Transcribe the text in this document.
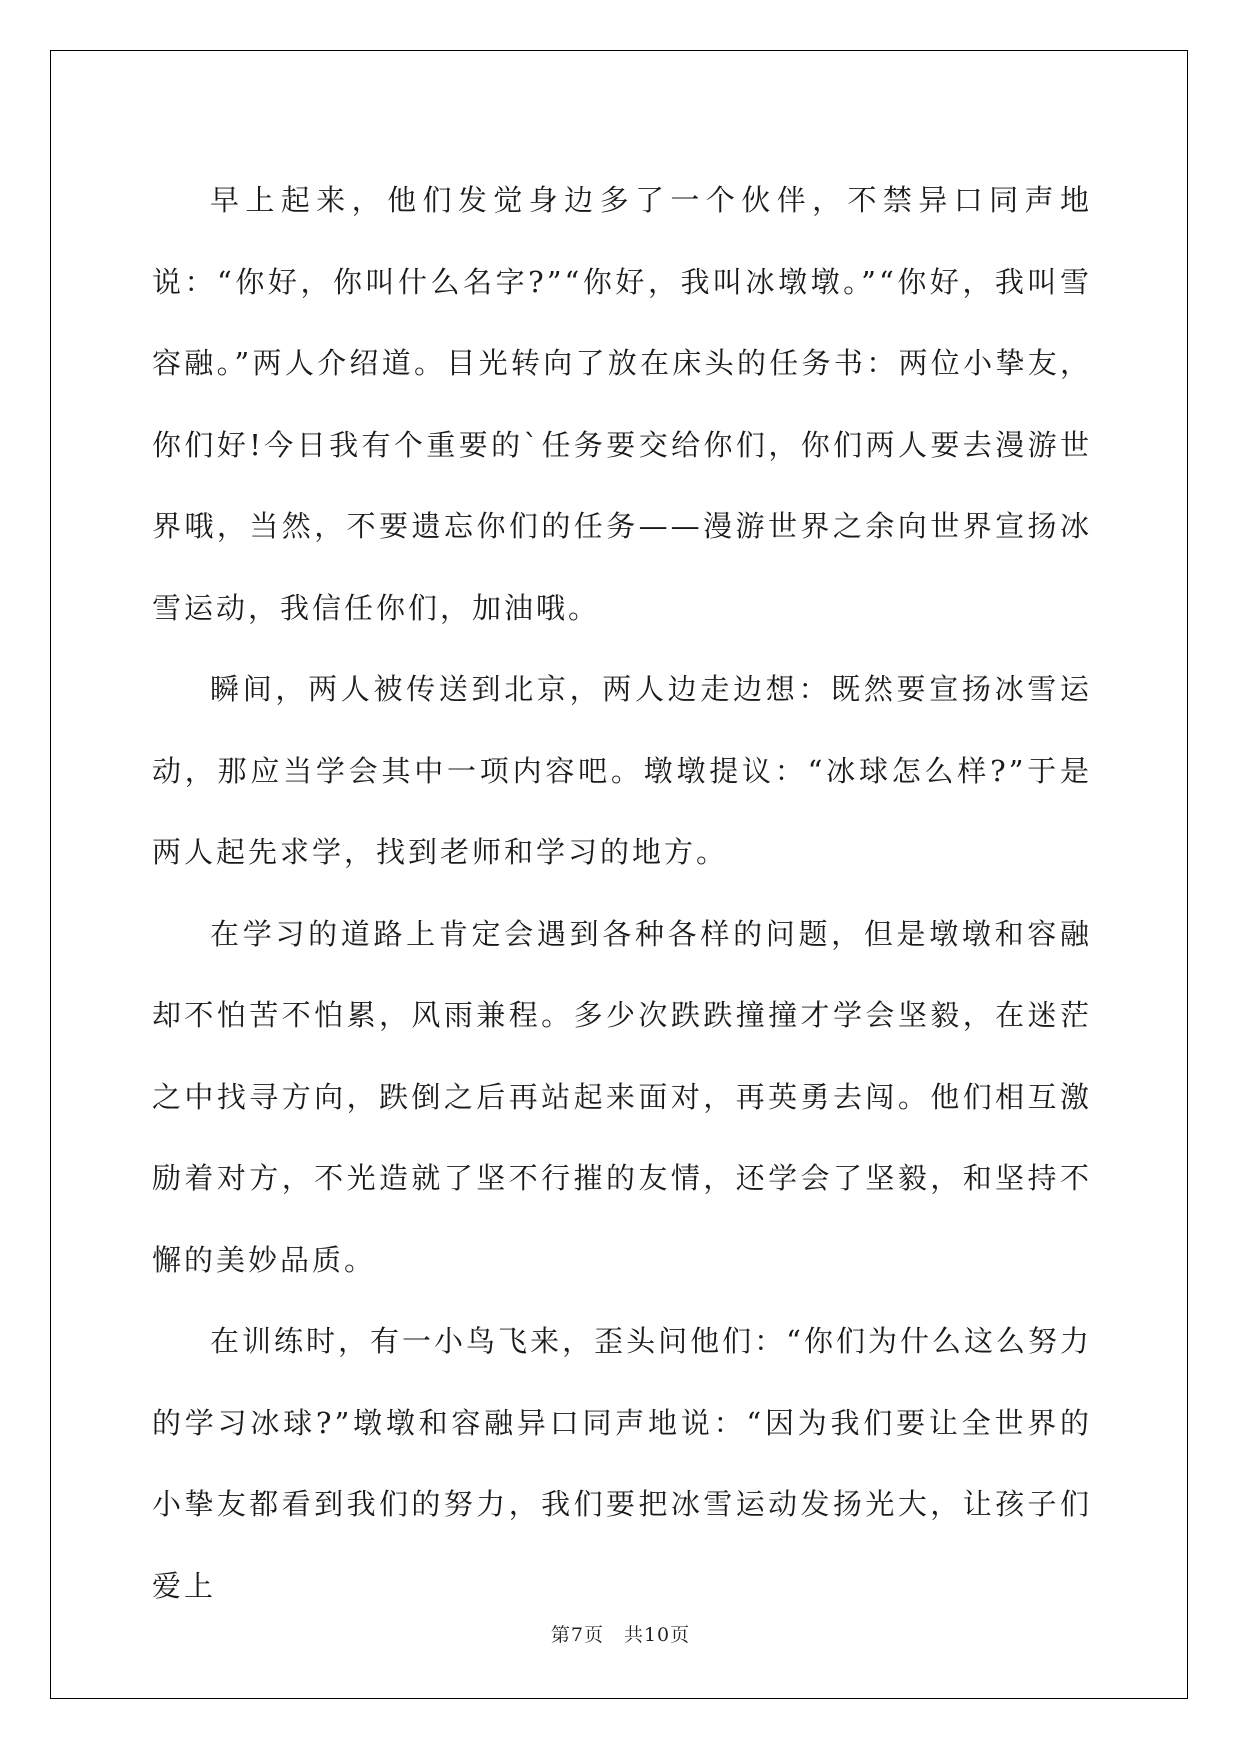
早上起来，他们发觉身边多了一个伙伴，不禁异口同声地说：“你好，你叫什么名字?”“你好，我叫冰墩墩。”“你好，我叫雪容融。”两人介绍道。目光转向了放在床头的任务书：两位小挚友，你们好!今日我有个重要的`任务要交给你们，你们两人要去漫游世界哦，当然，不要遗忘你们的任务——漫游世界之余向世界宣扬冰雪运动，我信任你们，加油哦。

瞬间，两人被传送到北京，两人边走边想：既然要宣扬冰雪运动，那应当学会其中一项内容吧。墩墩提议：“冰球怎么样?”于是两人起先求学，找到老师和学习的地方。

在学习的道路上肯定会遇到各种各样的问题，但是墩墩和容融却不怕苦不怕累，风雨兼程。多少次跌跌撞撞才学会坚毅，在迷茫之中找寻方向，跌倒之后再站起来面对，再英勇去闯。他们相互激励着对方，不光造就了坚不行摧的友情，还学会了坚毅，和坚持不懈的美妙品质。

在训练时，有一小鸟飞来，歪头问他们：“你们为什么这么努力的学习冰球?”墩墩和容融异口同声地说：“因为我们要让全世界的小挚友都看到我们的努力，我们要把冰雪运动发扬光大，让孩子们爱上

第7页 共10页
